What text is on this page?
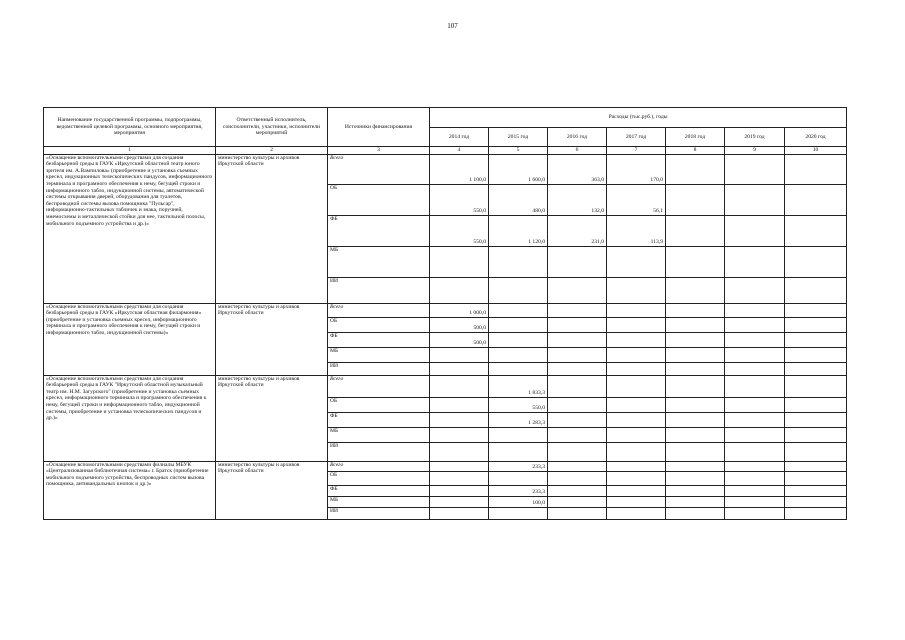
107
Наименование государственной программы, подпрограммы, ведомственной целевой программы, основного мероприятия, мероприятия	Ответственный исполнитель, соисполнители, участники, исполнители мероприятий	Источники финансирования	Расходы (тыс.руб.), годы						
			2014 год	2015 год	2016 год	2017 год	2018 год	2019 год	2020 год
1	2	3	4	5	6	7	8	9	10
«Оснащение вспомогательными средствами для создания безбарьерной среды в ГАУК «Иркутский областной театр юного зрителя им. А.Вампилова» (приобретение и установка съемных кресел, индукционных телескопических пандусов, информационного терминала и програмного обеспечения к нему, бегущей строки и информационного табло, индукционной системы, автоматической системы открывания дверей, оборудования для туалетов, беспроводной системы вызова помощника "Пульсар", информационно-тактильных табличек и знака, поручней, мнемосхемы и металлической стойки для нее, тактильной полосы, мобильного подъемного устройства и др.)»	министерство культуры и архивов Иркутской области	Всего	1 100,0	1 600,0	363,0	170,0			
		ОБ	550,0	480,0	132,0	56,1			
		ФБ	550,0	1 120,0	231,0	113,9			
		МБ							
		ИИ							
«Оснащение вспомогательными средствами для создания безбарьерной среды в ГАУК «Иркутская областная филармония» (приобретение и установка съемных кресел, информационного терминала и програмного обеспечения к нему, бегущей строки и информационного табло, индукционной системы)»	министерство культуры и архивов Иркутской области	Всего	1 000,0						
		ОБ	500,0						
		ФБ	500,0						
		МБ							
		ИИ							
«Оснащение вспомогательными средствами для создания безбарьерной среды в ГАУК "Иркутский областной музыкальный театр им. Н.М. Загурского" (приобретение и установка съемных кресел, информационного терминала и програмного обеспечения к нему, бегущей строки и информационного табло, индукционной системы, приобретение и установка телескопических пандусов и др.)»	министерство культуры и архивов Иркутской области	Всего		1 833,3					
		ОБ		550,0					
		ФБ		1 283,3					
		МБ							
		ИИ							
«Оснащение вспомогательными средствами филиалы МБУК «Централизованная библиотечная система» г. Братск (приобретение мобильного подъемного устройства, беспроводных систем вызова помощника, антивандальных кнопок и др.)»	министерство культуры и архивов Иркутской области	Всего		233,3					
		ОБ							
		ФБ		233,3					
		МБ		100,0					
		ИИ							
